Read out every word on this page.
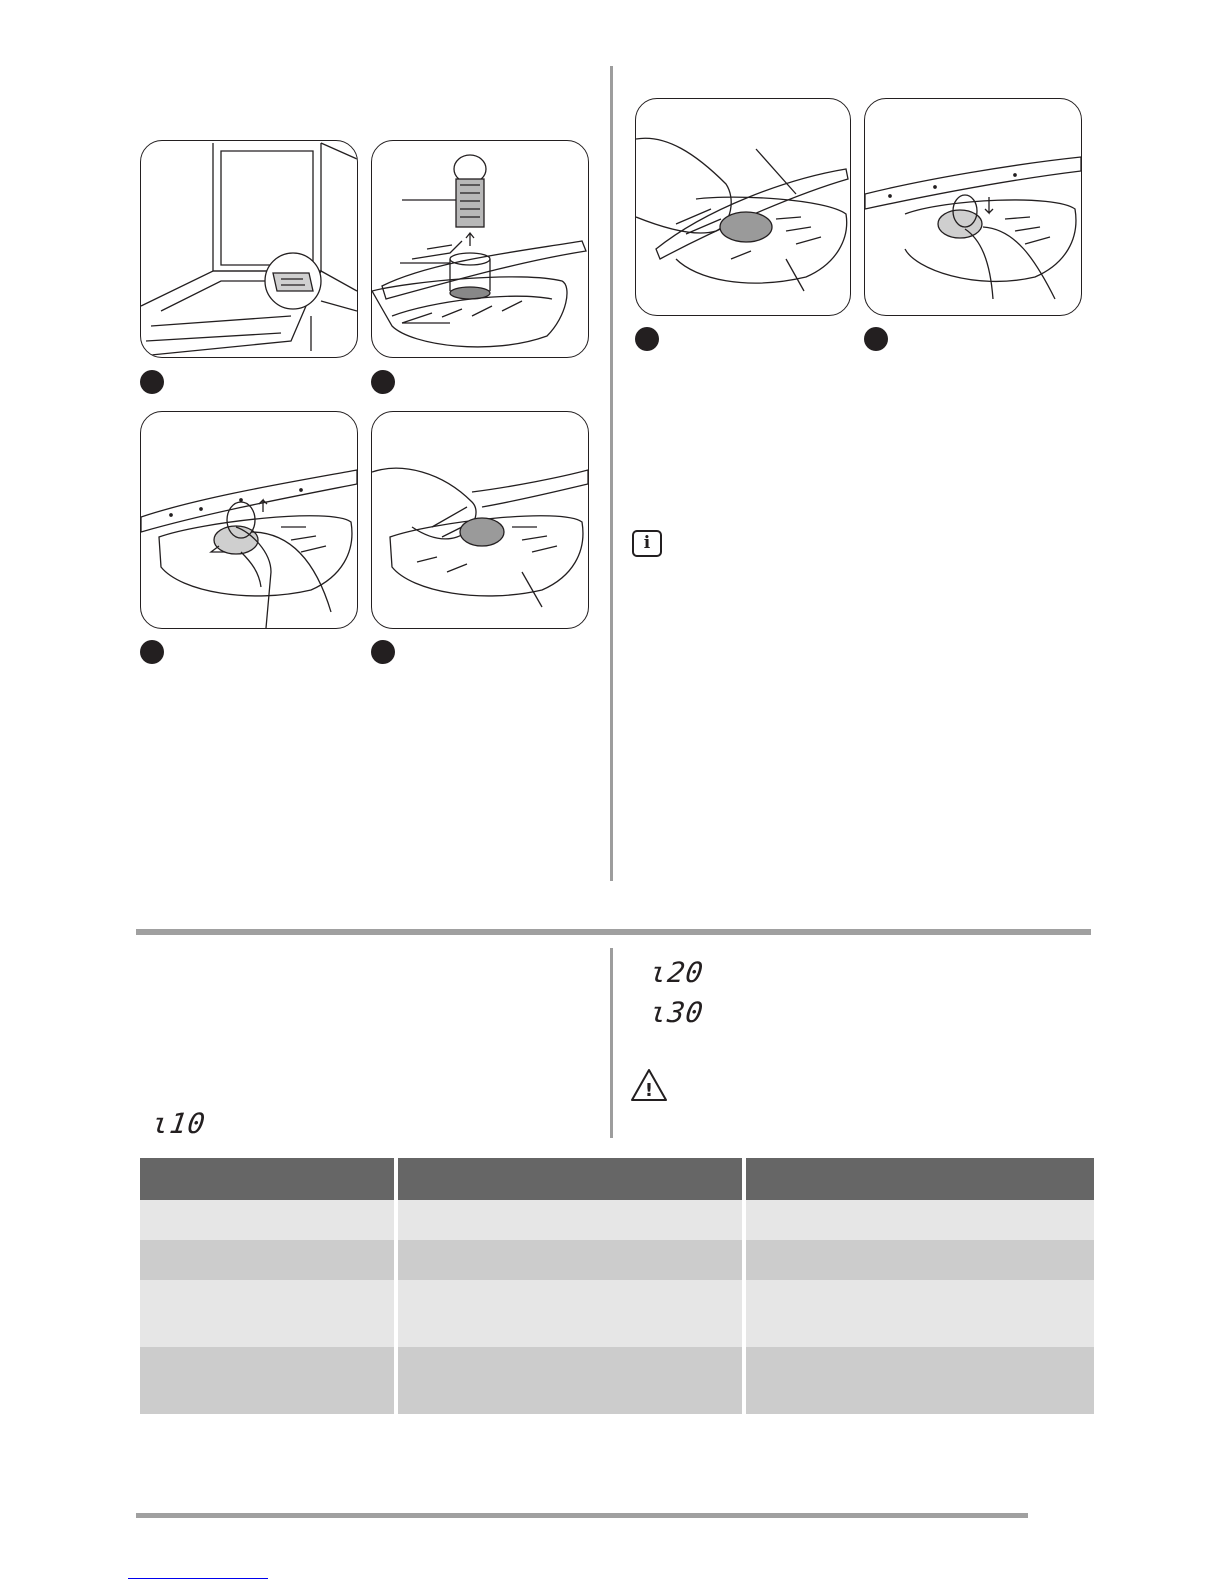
i
ɩ10
ɩ20
ɩ30
!
